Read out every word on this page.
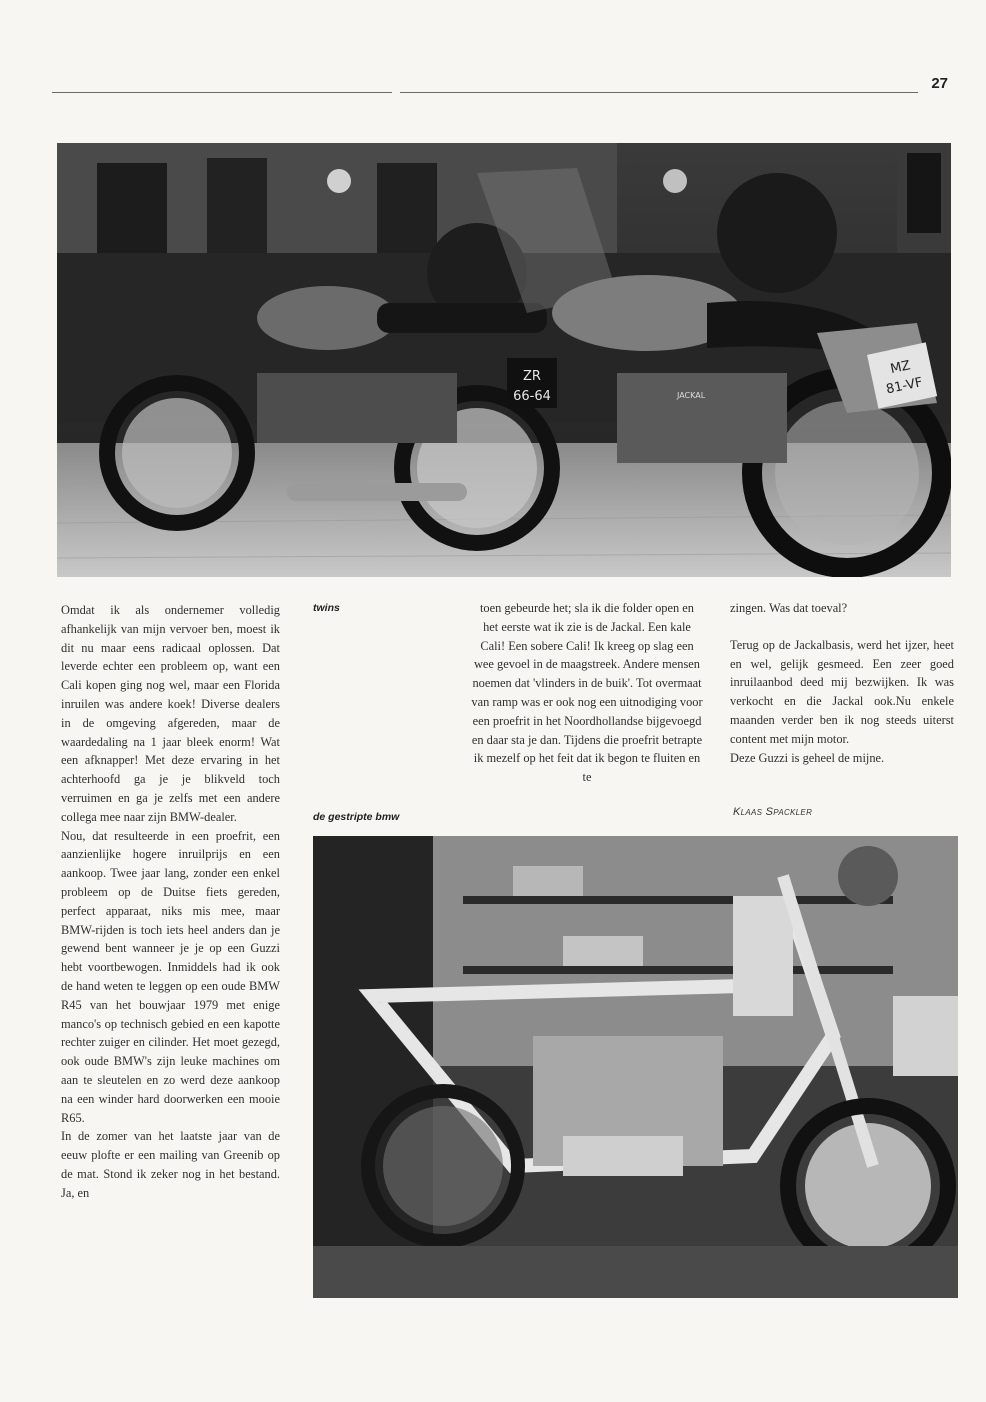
27
ZR
66-64
MZ
81-VF
JACKAL
twins
de gestripte bmw

Omdat ik als ondernemer volledig afhankelijk van mijn vervoer ben, moest ik dit nu maar eens radicaal oplossen. Dat leverde echter een probleem op, want een Cali kopen ging nog wel, maar een Florida inruilen was andere koek! Diverse dealers in de omgeving afgereden, maar de waardedaling na 1 jaar bleek enorm! Wat een afknapper! Met deze ervaring in het achterhoofd ga je je blikveld toch verruimen en ga je zelfs met een andere collega mee naar zijn BMW-dealer.

Nou, dat resulteerde in een proefrit, een aanzienlijke hogere inruilprijs en een aankoop. Twee jaar lang, zonder een enkel probleem op de Duitse fiets gereden, perfect apparaat, niks mis mee, maar BMW-rijden is toch iets heel anders dan je gewend bent wanneer je je op een Guzzi hebt voortbewogen. Inmiddels had ik ook de hand weten te leggen op een oude BMW R45 van het bouwjaar 1979 met enige manco's op technisch gebied en een kapotte rechter zuiger en cilinder. Het moet gezegd, ook oude BMW's zijn leuke machines om aan te sleutelen en zo werd deze aankoop na een winder hard doorwerken een mooie R65.

In de zomer van het laatste jaar van de eeuw plofte er een mailing van Greenib op de mat. Stond ik zeker nog in het bestand. Ja, en

toen gebeurde het; sla ik die folder open en het eerste wat ik zie is de Jackal. Een kale Cali! Een sobere Cali! Ik kreeg op slag een wee gevoel in de maagstreek. Andere mensen noemen dat 'vlinders in de buik'. Tot overmaat van ramp was er ook nog een uitnodiging voor een proefrit in het Noordhollandse bijgevoegd en daar sta je dan. Tijdens die proefrit betrapte ik mezelf op het feit dat ik begon te fluiten en te

zingen. Was dat toeval?

Terug op de Jackalbasis, werd het ijzer, heet en wel, gelijk gesmeed. Een zeer goed inruilaanbod deed mij bezwijken. Ik was verkocht en die Jackal ook.Nu enkele maanden verder ben ik nog steeds uiterst content met mijn motor.

Deze Guzzi is geheel de mijne.

Klaas Spackler
